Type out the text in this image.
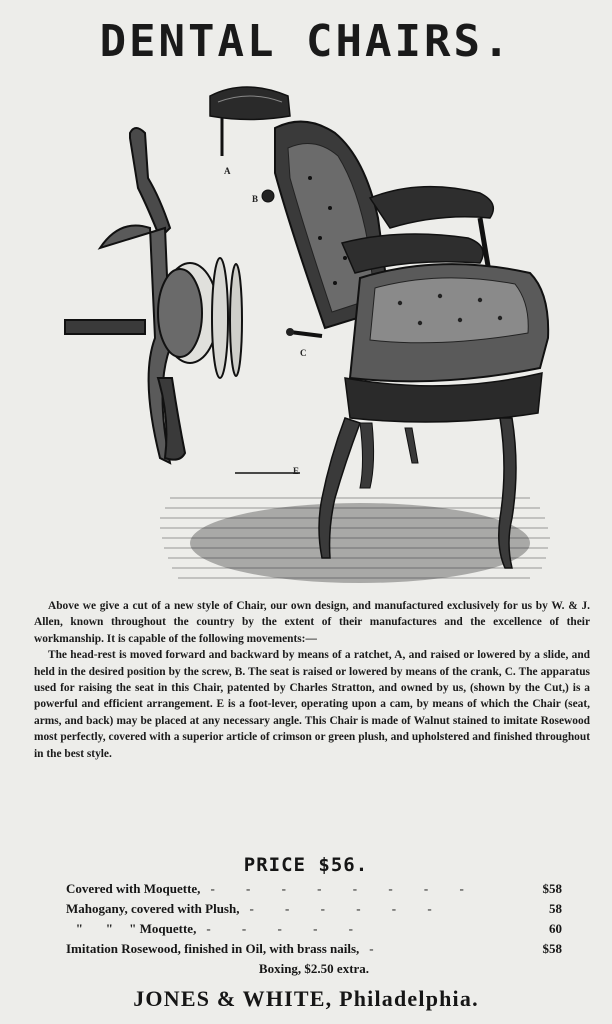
DENTAL CHAIRS.
A
B
C
E

Above we give a cut of a new style of Chair, our own design, and manufactured exclusively for us by W. & J. Allen, known throughout the country by the extent of their manufactures and the excellence of their workmanship. It is capable of the following movements:—

The head-rest is moved forward and backward by means of a ratchet, A, and raised or lowered by a slide, and held in the desired position by the screw, B. The seat is raised or lowered by means of the crank, C. The apparatus used for raising the seat in this Chair, patented by Charles Stratton, and owned by us, (shown by the Cut,) is a powerful and efficient arrangement. E is a foot-lever, operating upon a cam, by means of which the Chair (seat, arms, and back) may be placed at any necessary angle. This Chair is made of Walnut stained to imitate Rosewood most perfectly, covered with a superior article of crimson or green plush, and upholstered and finished throughout in the best style.

PRICE $56.
Covered with Moquette, - - - - - - - -	$58
Mahogany, covered with Plush, - - - - - -	58
"       "     " Moquette, - - - - -	60
Imitation Rosewood, finished in Oil, with brass nails, -	$58
Boxing, $2.50 extra.
JONES & WHITE, Philadelphia.
